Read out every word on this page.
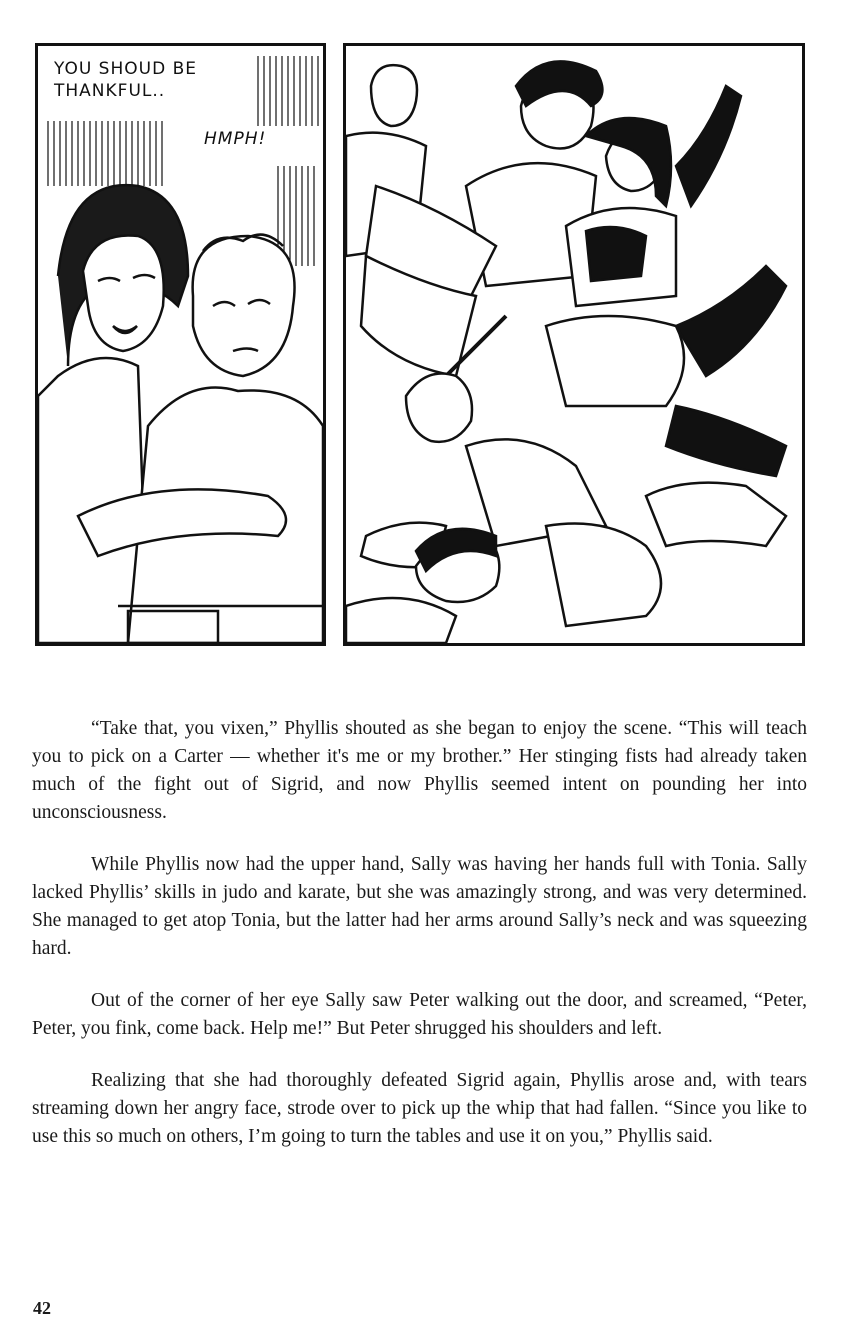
YOU SHOUD BE
THANKFUL..
HMPH!

“Take that, you vixen,” Phyllis shouted as she began to enjoy the scene. “This will teach you to pick on a Carter — whether it's me or my brother.” Her stinging fists had already taken much of the fight out of Sigrid, and now Phyllis seemed intent on pounding her into unconsciousness.

While Phyllis now had the upper hand, Sally was having her hands full with Tonia. Sally lacked Phyllis’ skills in judo and karate, but she was amazingly strong, and was very determined. She managed to get atop Tonia, but the latter had her arms around Sally’s neck and was squeezing hard.

Out of the corner of her eye Sally saw Peter walking out the door, and screamed, “Peter, Peter, you fink, come back. Help me!” But Peter shrugged his shoulders and left.

Realizing that she had thoroughly defeated Sigrid again, Phyllis arose and, with tears streaming down her angry face, strode over to pick up the whip that had fallen. “Since you like to use this so much on others, I’m going to turn the tables and use it on you,” Phyllis said.

42
